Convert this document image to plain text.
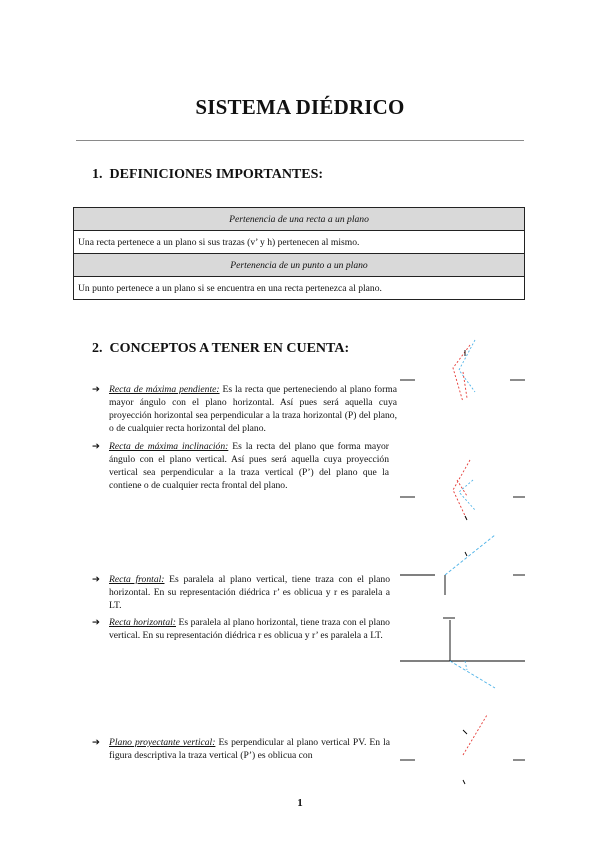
SISTEMA DIÉDRICO
1. DEFINICIONES IMPORTANTES:
Pertenencia de una recta a un plano
Una recta pertenece a un plano si sus trazas (v’ y h) pertenecen al mismo.
Pertenencia de un punto a un plano
Un punto pertenece a un plano si se encuentra en una recta pertenezca al plano.
2. CONCEPTOS A TENER EN CUENTA:
➔ Recta de máxima pendiente: Es la recta que perteneciendo al plano forma mayor ángulo con el plano horizontal. Así pues será aquella cuya proyección horizontal sea perpendicular a la traza horizontal (P) del plano, o de cualquier recta horizontal del plano.
➔ Recta de máxima inclinación: Es la recta del plano que forma mayor ángulo con el plano vertical. Así pues será aquella cuya proyección vertical sea perpendicular a la traza vertical (P’) del plano que la contiene o de cualquier recta frontal del plano.
➔ Recta frontal: Es paralela al plano vertical, tiene traza con el plano horizontal. En su representación diédrica r’ es oblicua y r es paralela a LT.
➔ Recta horizontal: Es paralela al plano horizontal, tiene traza con el plano vertical. En su representación diédrica r es oblicua y r’ es paralela a LT.
➔ Plano proyectante vertical: Es perpendicular al plano vertical PV. En la figura descriptiva la traza vertical (P’) es oblicua con
1
